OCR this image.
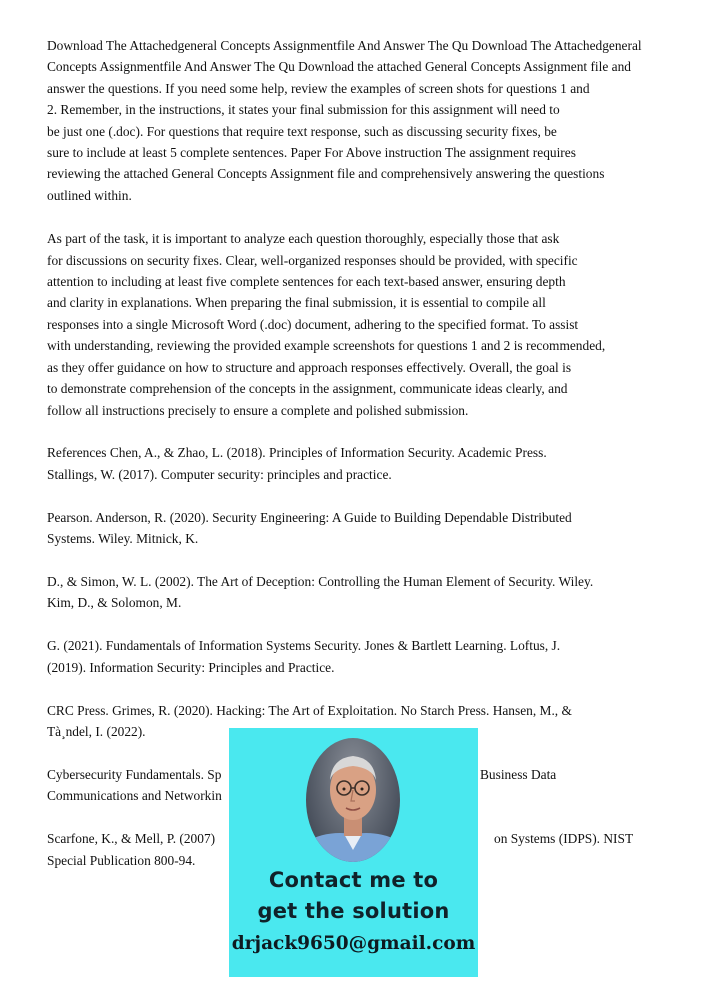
Download The Attachedgeneral Concepts Assignmentfile And Answer The Qu Download The Attachedgeneral
Concepts Assignmentfile And Answer The Qu Download the attached General Concepts Assignment file and
answer the questions. If you need some help, review the examples of screen shots for questions 1 and
2. Remember, in the instructions, it states your final submission for this assignment will need to
be just one (.doc). For questions that require text response, such as discussing security fixes, be
sure to include at least 5 complete sentences. Paper For Above instruction The assignment requires
reviewing the attached General Concepts Assignment file and comprehensively answering the questions
outlined within.

As part of the task, it is important to analyze each question thoroughly, especially those that ask
for discussions on security fixes. Clear, well-organized responses should be provided, with specific
attention to including at least five complete sentences for each text-based answer, ensuring depth
and clarity in explanations. When preparing the final submission, it is essential to compile all
responses into a single Microsoft Word (.doc) document, adhering to the specified format. To assist
with understanding, reviewing the provided example screenshots for questions 1 and 2 is recommended,
as they offer guidance on how to structure and approach responses effectively. Overall, the goal is
to demonstrate comprehension of the concepts in the assignment, communicate ideas clearly, and
follow all instructions precisely to ensure a complete and polished submission.

References Chen, A., & Zhao, L. (2018). Principles of Information Security. Academic Press.
Stallings, W. (2017). Computer security: principles and practice.
Pearson. Anderson, R. (2020). Security Engineering: A Guide to Building Dependable Distributed
Systems. Wiley. Mitnick, K.
D., & Simon, W. L. (2002). The Art of Deception: Controlling the Human Element of Security. Wiley.
Kim, D., & Solomon, M.
G. (2021). Fundamentals of Information Systems Security. Jones & Bartlett Learning. Loftus, J.
(2019). Information Security: Principles and Practice.
CRC Press. Grimes, R. (2020). Hacking: The Art of Exploitation. No Starch Press. Hansen, M., &
Tà¸ndel, I. (2022).
Cybersecurity Fundamentals. Sp
Communications and Networkin
Business Data
Scarfone, K., & Mell, P. (2007)
Special Publication 800-94.
on Systems (IDPS). NIST
Contact me to
get the solution
drjack9650@gmail.com
